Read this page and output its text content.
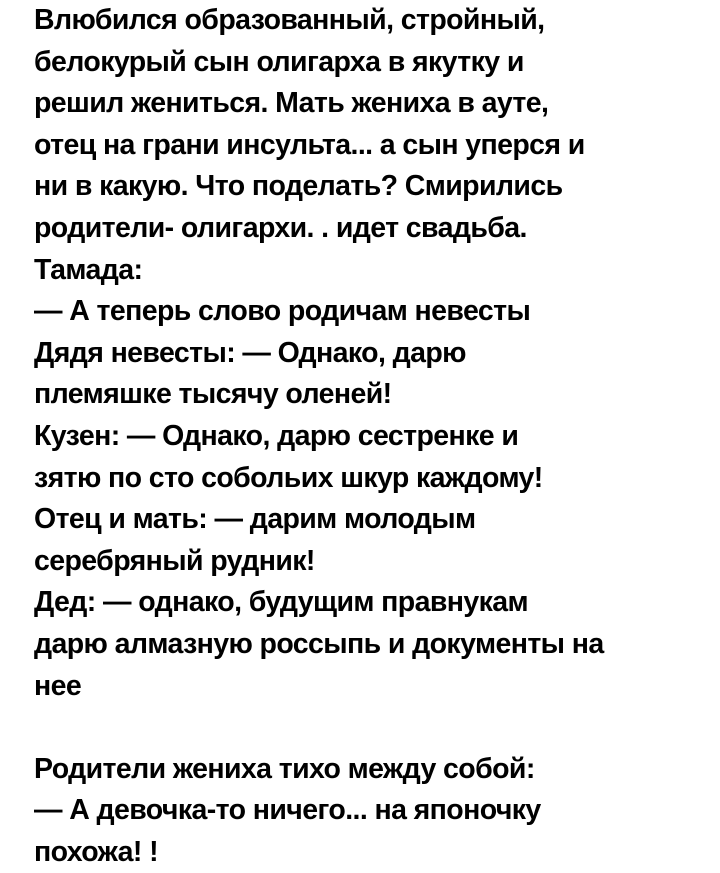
Влюбился образованный, стройный,
белокурый сын олигарха в якутку и
решил жениться. Мать жениха в ауте,
отец на грани инсульта... а сын уперся и
ни в какую. Что поделать? Смирились
родители- олигархи. . идет свадьба.
Тамада:
— А теперь слово родичам невесты
Дядя невесты: — Однако, дарю
племяшке тысячу оленей!
Кузен: — Однако, дарю сестренке и
зятю по сто собольих шкур каждому!
Отец и мать: — дарим молодым
серебряный рудник!
Дед: — однако, будущим правнукам
дарю алмазную россыпь и документы на
нее
Родители жениха тихо между собой:
— А девочка-то ничего... на японочку
похожа! !
